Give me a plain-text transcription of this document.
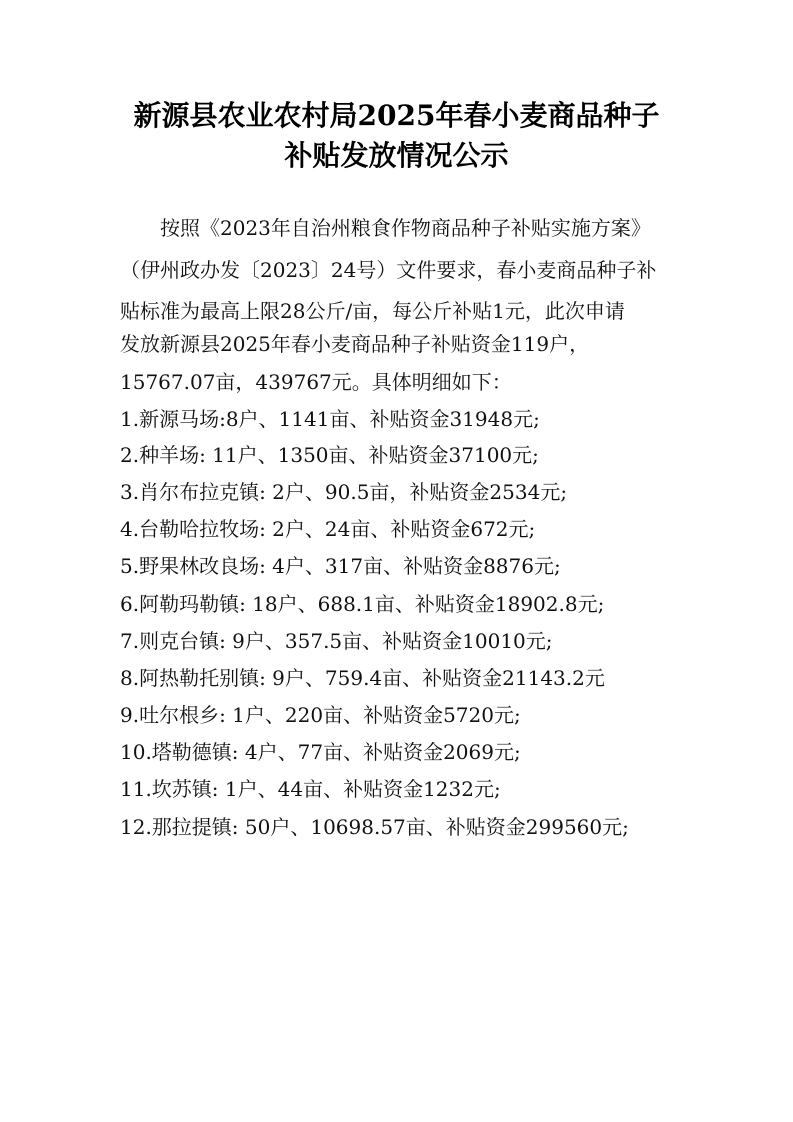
新源县农业农村局2025年春小麦商品种子
补贴发放情况公示
按照《2023年自治州粮食作物商品种子补贴实施方案》
（伊州政办发〔2023〕24号）文件要求，春小麦商品种子补
贴标准为最高上限28公斤/亩，每公斤补贴1元，此次申请
发放新源县2025年春小麦商品种子补贴资金119户，
15767.07亩，439767元。具体明细如下：
1.新源马场:8户、1141亩、补贴资金31948元;
2.种羊场: 11户、1350亩、补贴资金37100元;
3.肖尔布拉克镇: 2户、90.5亩，补贴资金2534元;
4.台勒哈拉牧场: 2户、24亩、补贴资金672元;
5.野果林改良场: 4户、317亩、补贴资金8876元;
6.阿勒玛勒镇: 18户、688.1亩、补贴资金18902.8元;
7.则克台镇: 9户、357.5亩、补贴资金10010元;
8.阿热勒托别镇: 9户、759.4亩、补贴资金21143.2元
9.吐尔根乡: 1户、220亩、补贴资金5720元;
10.塔勒德镇: 4户、77亩、补贴资金2069元;
11.坎苏镇: 1户、44亩、补贴资金1232元;
12.那拉提镇: 50户、10698.57亩、补贴资金299560元;
